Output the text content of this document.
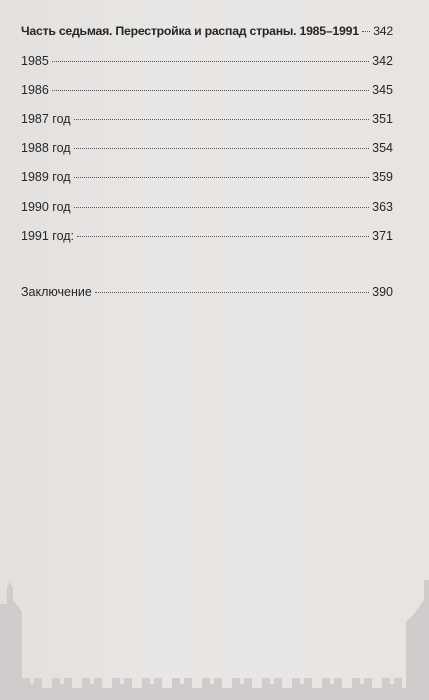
Часть седьмая. Перестройка и распад страны. 1985–1991 342
1985	342
1986	345
1987 год	351
1988 год	354
1989 год	359
1990 год	363
1991 год:	371
Заключение	390
